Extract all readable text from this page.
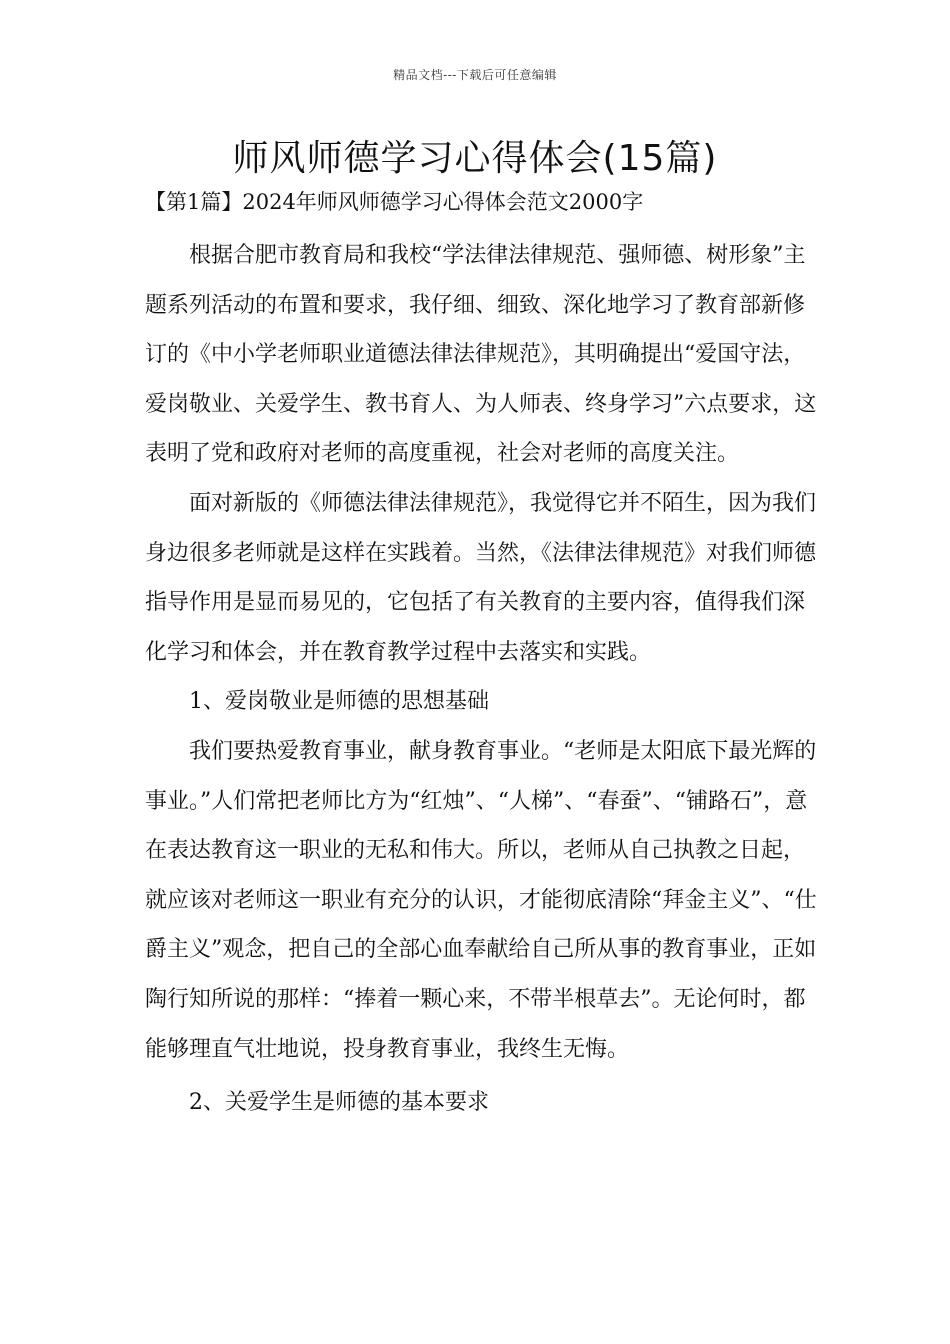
精品文档---下载后可任意编辑
师风师德学习心得体会(15篇)
【第1篇】2024年师风师德学习心得体会范文2000字

根据合肥市教育局和我校“学法律法律规范、强师德、树形象”主题系列活动的布置和要求，我仔细、细致、深化地学习了教育部新修订的《中小学老师职业道德法律法律规范》，其明确提出“爱国守法，爱岗敬业、关爱学生、教书育人、为人师表、终身学习”六点要求，这表明了党和政府对老师的高度重视，社会对老师的高度关注。

面对新版的《师德法律法律规范》，我觉得它并不陌生，因为我们身边很多老师就是这样在实践着。当然，《法律法律规范》对我们师德指导作用是显而易见的，它包括了有关教育的主要内容，值得我们深化学习和体会，并在教育教学过程中去落实和实践。

1、爱岗敬业是师德的思想基础

我们要热爱教育事业，献身教育事业。“老师是太阳底下最光辉的事业。”人们常把老师比方为“红烛”、“人梯”、“春蚕”、“铺路石”，意在表达教育这一职业的无私和伟大。所以，老师从自己执教之日起，就应该对老师这一职业有充分的认识，才能彻底清除“拜金主义”、“仕爵主义”观念，把自己的全部心血奉献给自己所从事的教育事业，正如陶行知所说的那样：“捧着一颗心来，不带半根草去”。无论何时，都能够理直气壮地说，投身教育事业，我终生无悔。

2、关爱学生是师德的基本要求
